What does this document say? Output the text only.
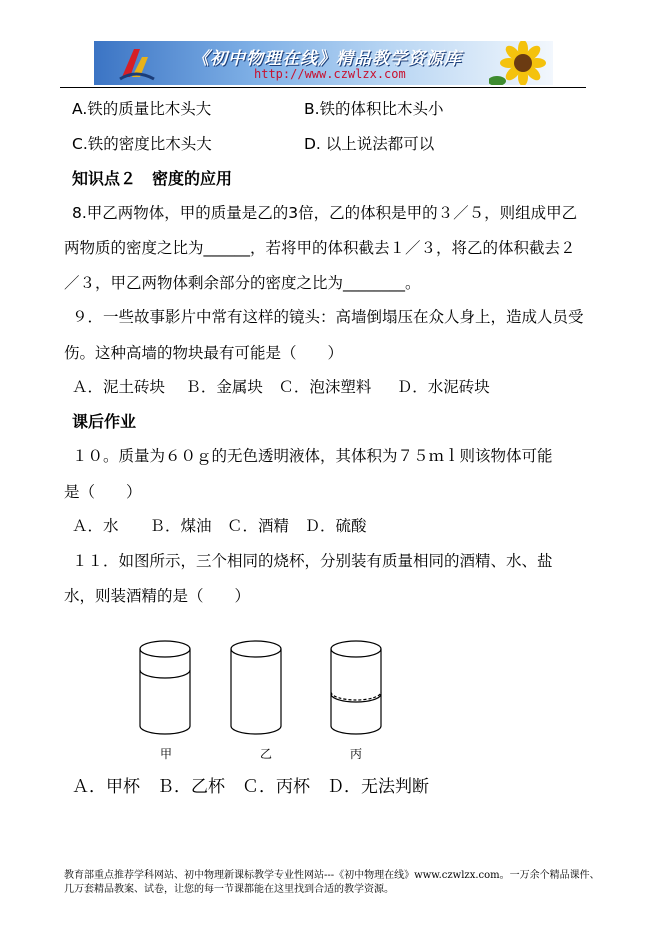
《初中物理在线》精品教学资源库
http://www.czwlzx.com
A.铁的质量比木头大	B.铁的体积比木头小
C.铁的密度比木头大	D. 以上说法都可以
知识点２　密度的应用
8.甲乙两物体，甲的质量是乙的3倍，乙的体积是甲的３／５，则组成甲乙
两物质的密度之比为______，若将甲的体积截去１／３，将乙的体积截去２
／３，甲乙两物体剩余部分的密度之比为________。
９．一些故事影片中常有这样的镜头：高墙倒塌压在众人身上，造成人员受
伤。这种高墙的物块最有可能是（　　）
Ａ．泥土砖块　 Ｂ．金属块　Ｃ．泡沫塑料 　 Ｄ．水泥砖块
课后作业
１０。质量为６０ｇ的无色透明液体，其体积为７５ｍｌ则该物体可能
是（　　）
Ａ．水　　Ｂ．煤油　Ｃ．酒精　Ｄ．硫酸
１１．如图所示，三个相同的烧杯，分别装有质量相同的酒精、水、盐
水，则装酒精的是（　　）
甲	乙	丙
Ａ．甲杯　Ｂ．乙杯　Ｃ．丙杯　Ｄ．无法判断
教育部重点推荐学科网站、初中物理新课标教学专业性网站---《初中物理在线》www.czwlzx.com。一万余个精品课件、
几万套精品教案、试卷，让您的每一节课都能在这里找到合适的教学资源。
